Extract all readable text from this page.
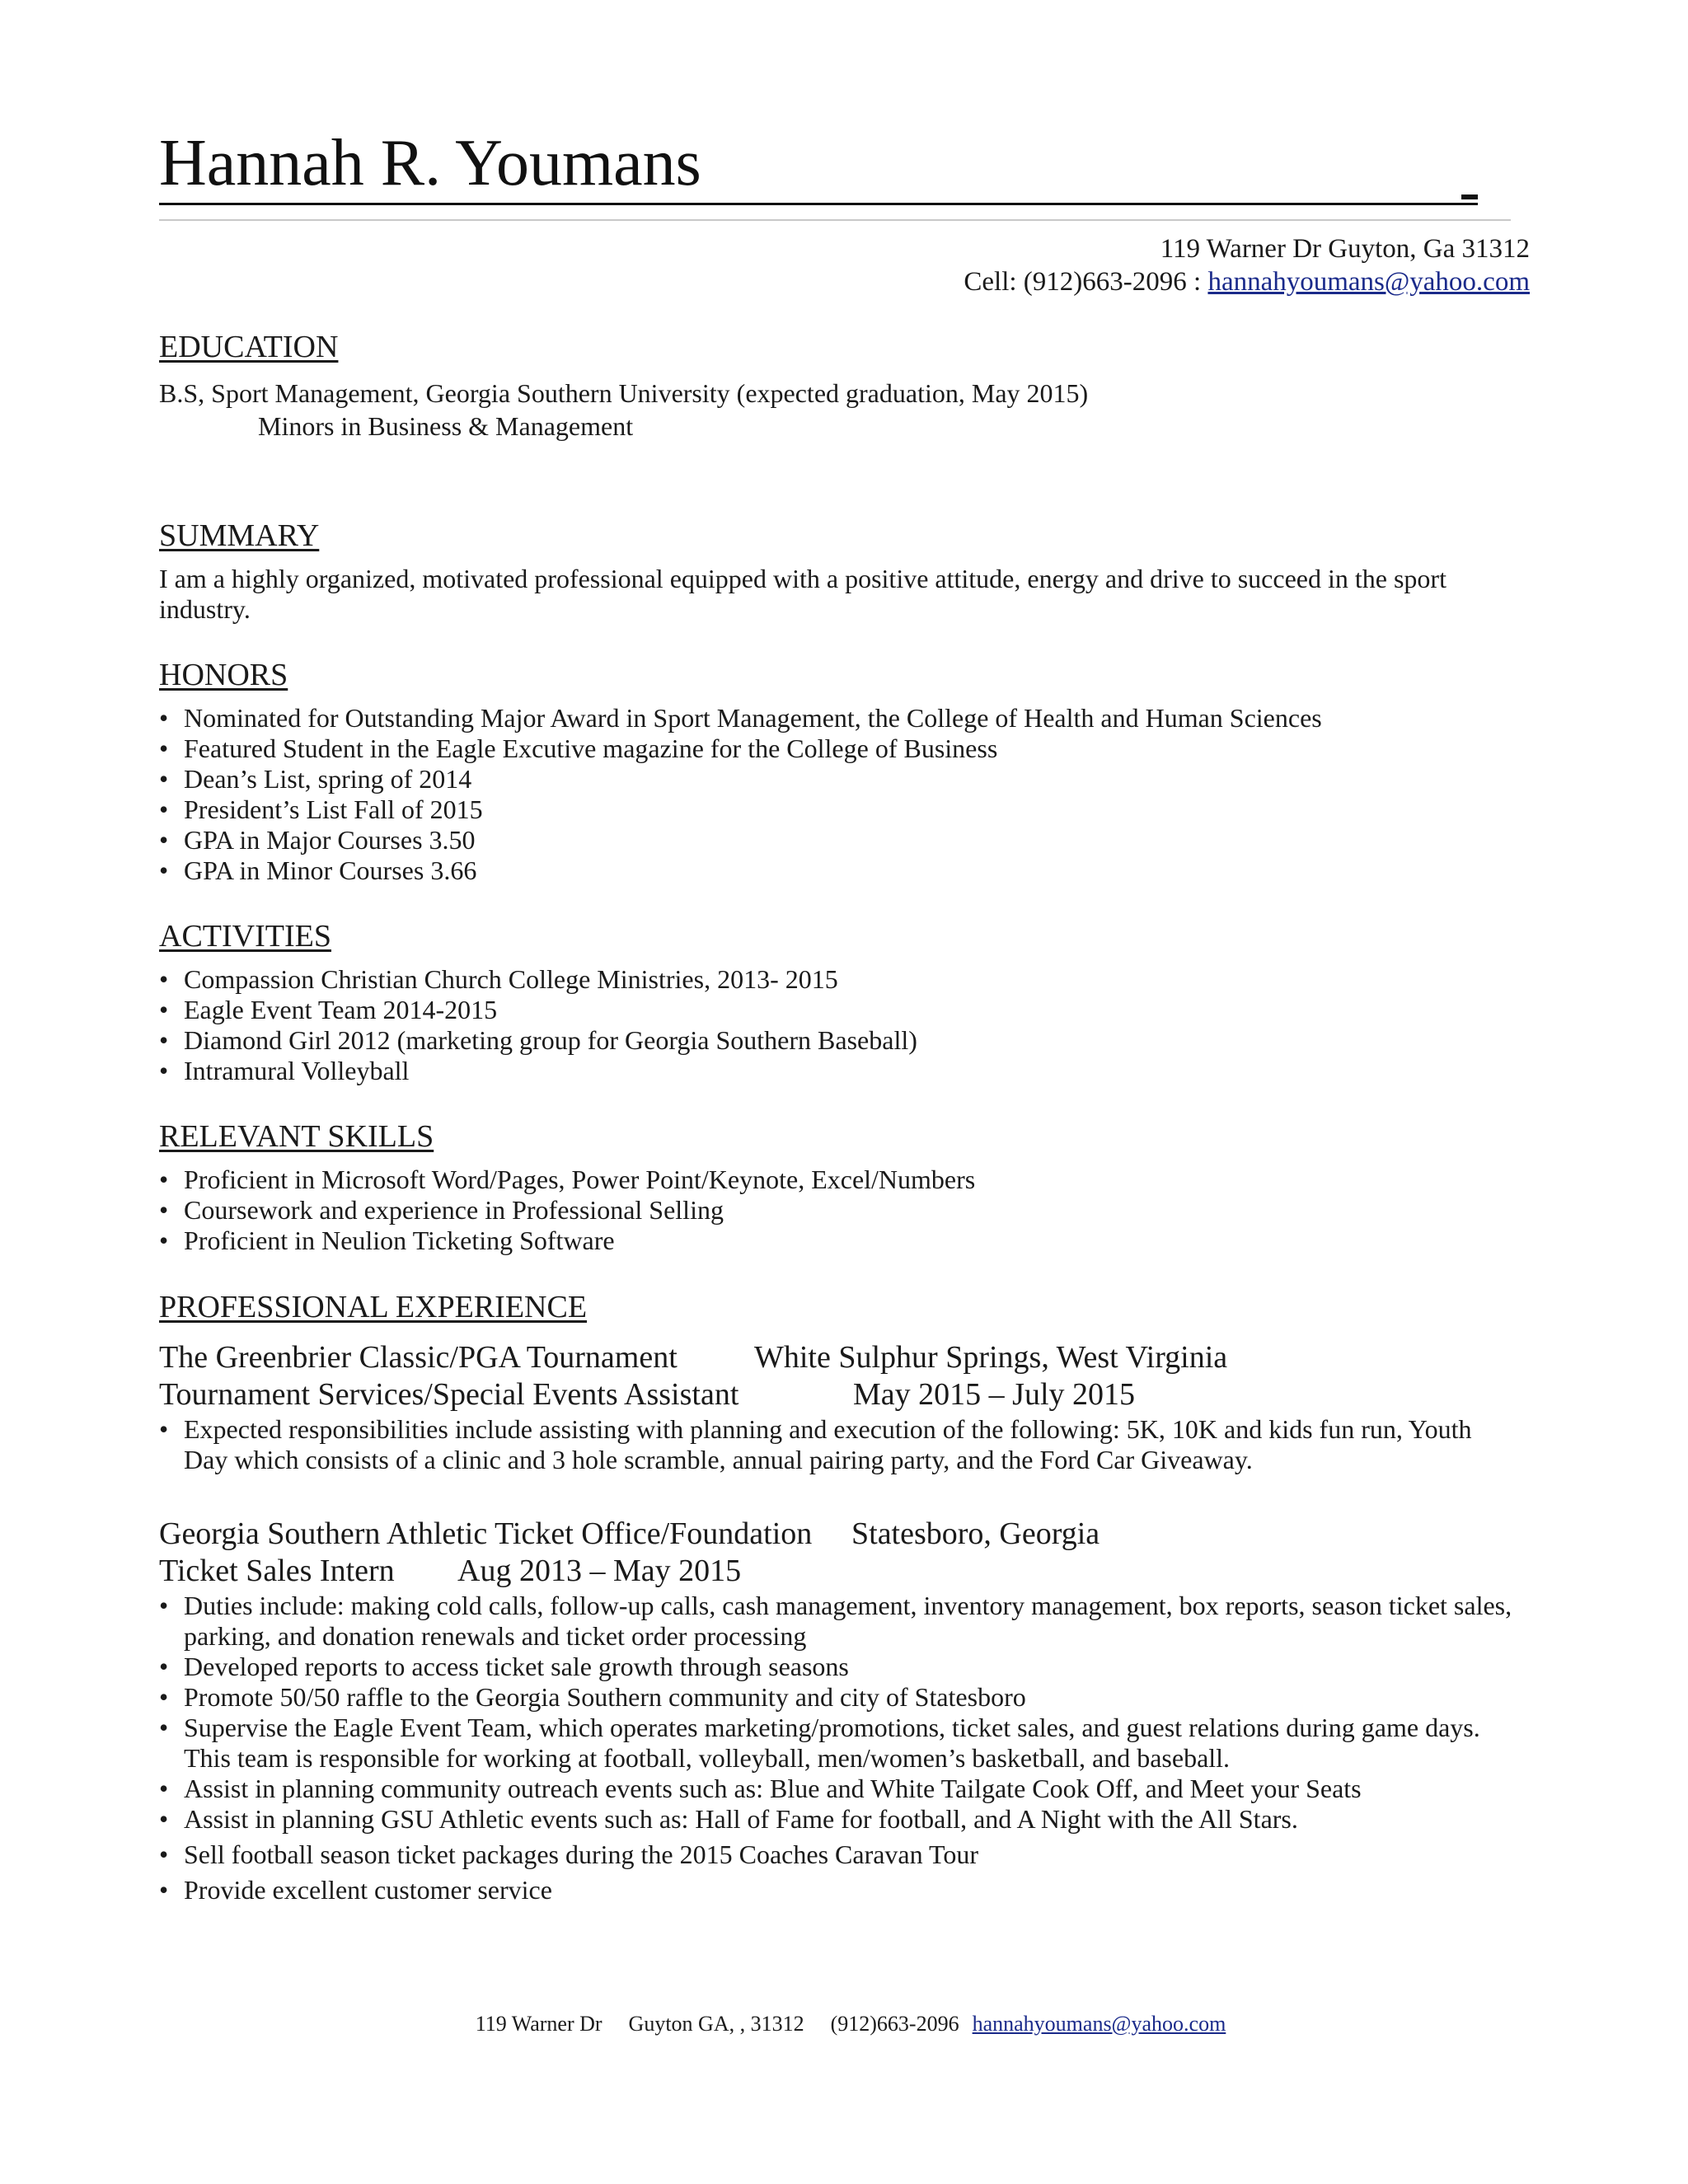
Hannah R. Youmans
119 Warner Dr Guyton, Ga 31312
Cell: (912)663-2096 : hannahyoumans@yahoo.com
EDUCATION
B.S, Sport Management, Georgia Southern University (expected graduation, May 2015)
Minors in Business & Management
SUMMARY
I am a highly organized, motivated professional equipped with a positive attitude, energy and drive to succeed in the sport industry.
HONORS
• Nominated for Outstanding Major Award in Sport Management, the College of Health and Human Sciences
• Featured Student in the Eagle Excutive magazine for the College of Business
• Dean’s List, spring of 2014
• President’s List Fall of 2015
• GPA in Major Courses 3.50
• GPA in Minor Courses 3.66
ACTIVITIES
• Compassion Christian Church College Ministries, 2013- 2015
• Eagle Event Team 2014-2015
• Diamond Girl 2012 (marketing group for Georgia Southern Baseball)
• Intramural Volleyball
RELEVANT SKILLS
• Proficient in Microsoft Word/Pages, Power Point/Keynote, Excel/Numbers
• Coursework and experience in Professional Selling
• Proficient in Neulion Ticketing Software
PROFESSIONAL EXPERIENCE
The Greenbrier Classic/PGA Tournament White Sulphur Springs, West Virginia
Tournament Services/Special Events Assistant	May 2015 – July 2015
• Expected responsibilities include assisting with planning and execution of the following: 5K, 10K and kids fun run, Youth Day which consists of a clinic and 3 hole scramble, annual pairing party, and the Ford Car Giveaway.
Georgia Southern Athletic Ticket Office/Foundation Statesboro, Georgia
Ticket Sales Intern Aug 2013 – May 2015
• Duties include: making cold calls, follow-up calls, cash management, inventory management, box reports, season ticket sales, parking, and donation renewals and ticket order processing
• Developed reports to access ticket sale growth through seasons
• Promote 50/50 raffle to the Georgia Southern community and city of Statesboro
• Supervise the Eagle Event Team, which operates marketing/promotions, ticket sales, and guest relations during game days. This team is responsible for working at football, volleyball, men/women’s basketball, and baseball.
• Assist in planning community outreach events such as: Blue and White Tailgate Cook Off, and Meet your Seats
• Assist in planning GSU Athletic events such as: Hall of Fame for football, and A Night with the All Stars.
• Sell football season ticket packages during the 2015 Coaches Caravan Tour
• Provide excellent customer service
119 Warner Dr Guyton GA, , 31312 (912)663-2096 hannahyoumans@yahoo.com
